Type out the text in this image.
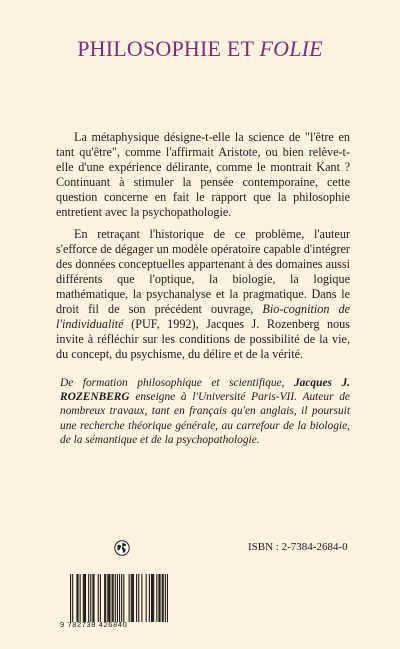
PHILOSOPHIE ET FOLIE

La métaphysique désigne-t-elle la science de "l'être en tant qu'être", comme l'affirmait Aristote, ou bien relève-t-elle d'une expérience délirante, comme le montrait Kant ? Continuant à stimuler la pensée contemporaine, cette question concerne en fait le rapport que la philosophie entretient avec la psychopathologie.

En retraçant l'historique de ce problème, l'auteur s'efforce de dégager un modèle opératoire capable d'intégrer des données conceptuelles appartenant à des domaines aussi différents que l'optique, la biologie, la logique mathématique, la psychanalyse et la pragmatique. Dans le droit fil de son précédent ouvrage, Bio-cognition de l'individualité (PUF, 1992), Jacques J. Rozenberg nous invite à réfléchir sur les conditions de possibilité de la vie, du concept, du psychisme, du délire et de la vérité.

De formation philosophique et scientifique, Jacques J. ROZENBERG enseigne à l'Université Paris-VII. Auteur de nombreux travaux, tant en français qu'en anglais, il poursuit une recherche théorique générale, au carrefour de la biologie, de la sémantique et de la psychopathologie.
ISBN : 2-7384-2684-0
9 782738 426840
